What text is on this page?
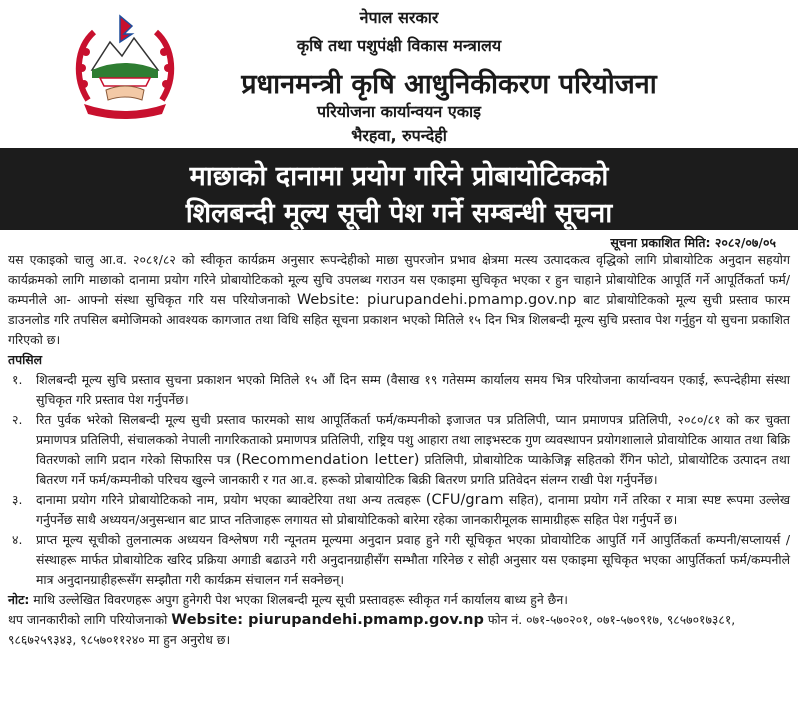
नेपाल सरकार
कृषि तथा पशुपंक्षी विकास मन्त्रालय
प्रधानमन्त्री कृषि आधुनिकीकरण परियोजना
परियोजना कार्यान्वयन एकाइ
भैरहवा, रुपन्देही
माछाको दानामा प्रयोग गरिने प्रोबायोटिकको
शिलबन्दी मूल्य सूची पेश गर्ने सम्बन्धी सूचना
सूचना प्रकाशित मिति: २०८२/०७/०५

यस एकाइको चालु आ.व. २०८१/८२ को स्वीकृत कार्यक्रम अनुसार रूपन्देहीको माछा सुपरजोन प्रभाव क्षेत्रमा मत्स्य उत्पादकत्व वृद्धिको लागि प्रोबायोटिक अनुदान सहयोग कार्यक्रमको लागि माछाको दानामा प्रयोग गरिने प्रोबायोटिकको मूल्य सुचि उपलब्ध गराउन यस एकाइमा सुचिकृत भएका र हुन चाहाने प्रोबायोटिक आपूर्ति गर्ने आपूर्तिकर्ता फर्म/कम्पनीले आ- आफ्नो संस्था सुचिकृत गरि यस परियोजनाको Website: piurupandehi.pmamp.gov.np बाट प्रोबायोटिकको मूल्य सुची प्रस्ताव फारम डाउनलोड गरि तपसिल बमोजिमको आवश्यक कागजात तथा विधि सहित सूचना प्रकाशन भएको मितिले १५ दिन भित्र शिलबन्दी मूल्य सुचि प्रस्ताव पेश गर्नुहुन यो सुचना प्रकाशित गरिएको छ।

तपसिल
१.	शिलबन्दी मूल्य सुचि प्रस्ताव सुचना प्रकाशन भएको मितिले १५ औं दिन सम्म (वैसाख १९ गतेसम्म कार्यालय समय भित्र परियोजना कार्यान्वयन एकाई, रूपन्देहीमा संस्था सुचिकृत गरि प्रस्ताव पेश गर्नुपर्नेछ।
२.	रित पुर्वक भरेको सिलबन्दी मूल्य सुची प्रस्ताव फारमको साथ आपूर्तिकर्ता फर्म/कम्पनीको इजाजत पत्र प्रतिलिपी, प्यान प्रमाणपत्र प्रतिलिपी, २०८०/८१ को कर चुक्ता प्रमाणपत्र प्रतिलिपी, संचालकको नेपाली नागरिकताको प्रमाणपत्र प्रतिलिपी, राष्ट्रिय पशु आहारा तथा लाइभस्टक गुण व्यवस्थापन प्रयोगशालाले प्रोवायोटिक आयात तथा बिक्रि वितरणको लागि प्रदान गरेको सिफारिस पत्र (Recommendation letter) प्रतिलिपी, प्रोबायोटिक प्याकेजिङ्ग सहितको रँगिन फोटो, प्रोबायोटिक उत्पादन तथा बितरण गर्ने फर्म/कम्पनीको परिचय खुल्ने जानकारी र गत आ.व. हरूको प्रोबायोटिक बिक्री बितरण प्रगति प्रतिवेदन संलग्न राखी पेश गर्नुपर्नेछ।
३.	दानामा प्रयोग गरिने प्रोबायोटिकको नाम, प्रयोग भएका ब्याक्टेरिया तथा अन्य तत्वहरू (CFU/gram सहित), दानामा प्रयोग गर्ने तरिका र मात्रा स्पष्ट रूपमा उल्लेख गर्नुपर्नेछ साथै अध्ययन/अनुसन्धान बाट प्राप्त नतिजाहरू लगायत सो प्रोबायोटिकको बारेमा रहेका जानकारीमूलक सामाग्रीहरू सहित पेश गर्नुपर्ने छ।
४.	प्राप्त मूल्य सूचीको तुलनात्मक अध्ययन विश्लेषण गरी न्यूनतम मूल्यमा अनुदान प्रवाह हुने गरी सूचिकृत भएका प्रोवायोटिक आपुर्ति गर्ने आपुर्तिकर्ता कम्पनी/सप्लायर्स / संस्थाहरू मार्फत प्रोबायोटिक खरिद प्रक्रिया अगाडी बढाउने गरी अनुदानग्राहीसँग सम्भौता गरिनेछ र सोही अनुसार यस एकाइमा सूचिकृत भएका आपुर्तिकर्ता फर्म/कम्पनीले मात्र अनुदानग्राहीहरूसँग सम्झौता गरी कार्यक्रम संचालन गर्न सक्नेछन्।

नोट: माथि उल्लेखित विवरणहरू अपुग हुनेगरी पेश भएका शिलबन्दी मूल्य सूची प्रस्तावहरू स्वीकृत गर्न कार्यालय बाध्य हुने छैन।

थप जानकारीको लागि परियोजनाको Website: piurupandehi.pmamp.gov.np फोन नं. ०७१-५७०२०१, ०७१-५७०९१७, ९८५७०१७३८१, ९८६७२५९३४३, ९८५७०११२४० मा हुन अनुरोध छ।
